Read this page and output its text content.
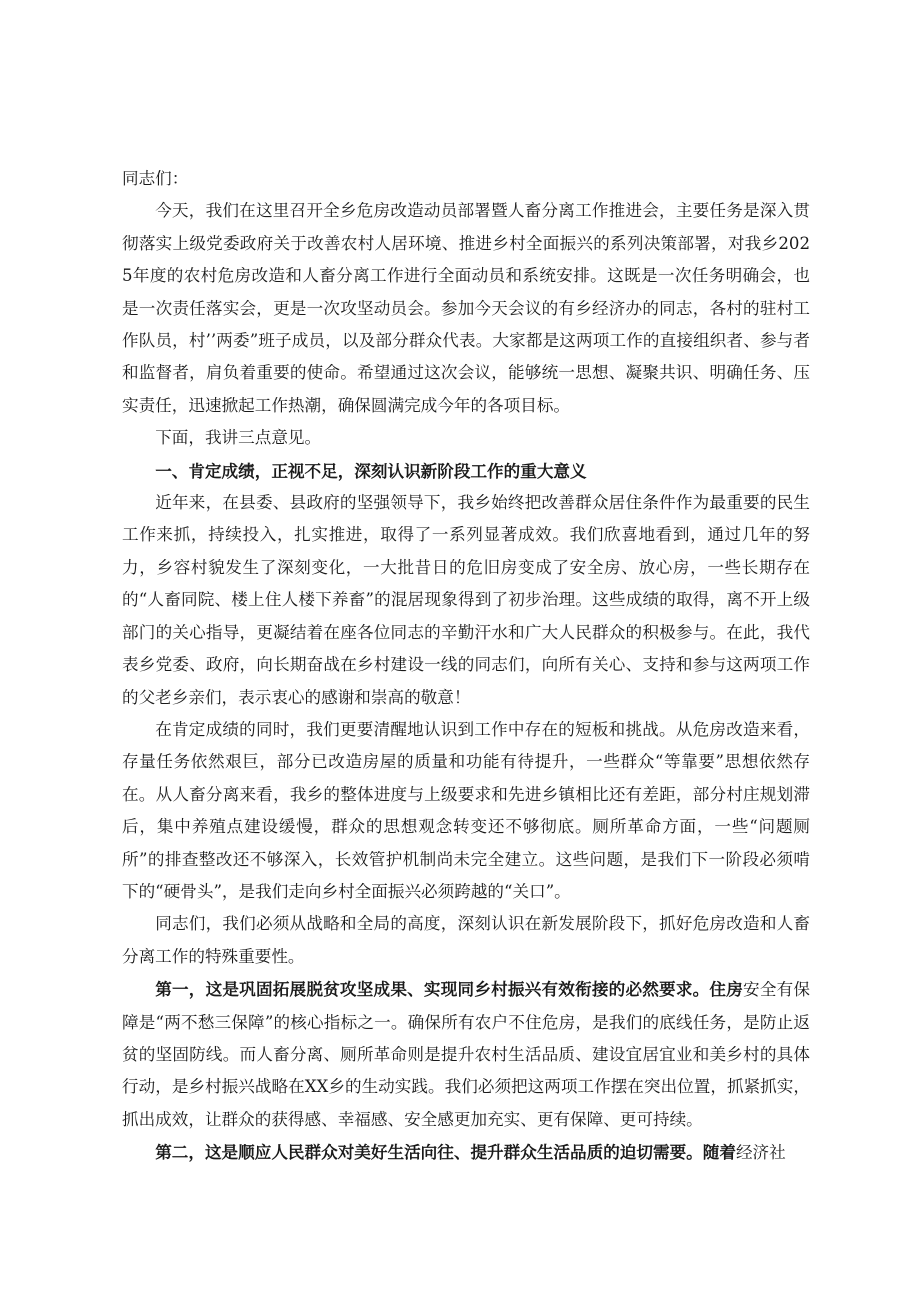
同志们：

今天，我们在这里召开全乡危房改造动员部署暨人畜分离工作推进会，主要任务是深入贯彻落实上级党委政府关于改善农村人居环境、推进乡村全面振兴的系列决策部署，对我乡2025年度的农村危房改造和人畜分离工作进行全面动员和系统安排。这既是一次任务明确会，也是一次责任落实会，更是一次攻坚动员会。参加今天会议的有乡经济办的同志，各村的驻村工作队员，村’’两委”班子成员，以及部分群众代表。大家都是这两项工作的直接组织者、参与者和监督者，肩负着重要的使命。希望通过这次会议，能够统一思想、凝聚共识、明确任务、压实责任，迅速掀起工作热潮，确保圆满完成今年的各项目标。

下面，我讲三点意见。

一、肯定成绩，正视不足，深刻认识新阶段工作的重大意义

近年来，在县委、县政府的坚强领导下，我乡始终把改善群众居住条件作为最重要的民生工作来抓，持续投入，扎实推进，取得了一系列显著成效。我们欣喜地看到，通过几年的努力，乡容村貌发生了深刻变化，一大批昔日的危旧房变成了安全房、放心房，一些长期存在的“人畜同院、楼上住人楼下养畜”的混居现象得到了初步治理。这些成绩的取得，离不开上级部门的关心指导，更凝结着在座各位同志的辛勤汗水和广大人民群众的积极参与。在此，我代表乡党委、政府，向长期奋战在乡村建设一线的同志们，向所有关心、支持和参与这两项工作的父老乡亲们，表示衷心的感谢和崇高的敬意！

在肯定成绩的同时，我们更要清醒地认识到工作中存在的短板和挑战。从危房改造来看，存量任务依然艰巨，部分已改造房屋的质量和功能有待提升，一些群众“等靠要”思想依然存在。从人畜分离来看，我乡的整体进度与上级要求和先进乡镇相比还有差距，部分村庄规划滞后，集中养殖点建设缓慢，群众的思想观念转变还不够彻底。厕所革命方面，一些“问题厕所”的排查整改还不够深入，长效管护机制尚未完全建立。这些问题，是我们下一阶段必须啃下的“硬骨头”，是我们走向乡村全面振兴必须跨越的“关口”。

同志们，我们必须从战略和全局的高度，深刻认识在新发展阶段下，抓好危房改造和人畜分离工作的特殊重要性。

第一，这是巩固拓展脱贫攻坚成果、实现同乡村振兴有效衔接的必然要求。住房安全有保障是“两不愁三保障”的核心指标之一。确保所有农户不住危房，是我们的底线任务，是防止返贫的坚固防线。而人畜分离、厕所革命则是提升农村生活品质、建设宜居宜业和美乡村的具体行动，是乡村振兴战略在XX乡的生动实践。我们必须把这两项工作摆在突出位置，抓紧抓实，抓出成效，让群众的获得感、幸福感、安全感更加充实、更有保障、更可持续。

第二，这是顺应人民群众对美好生活向往、提升群众生活品质的迫切需要。随着经济社
